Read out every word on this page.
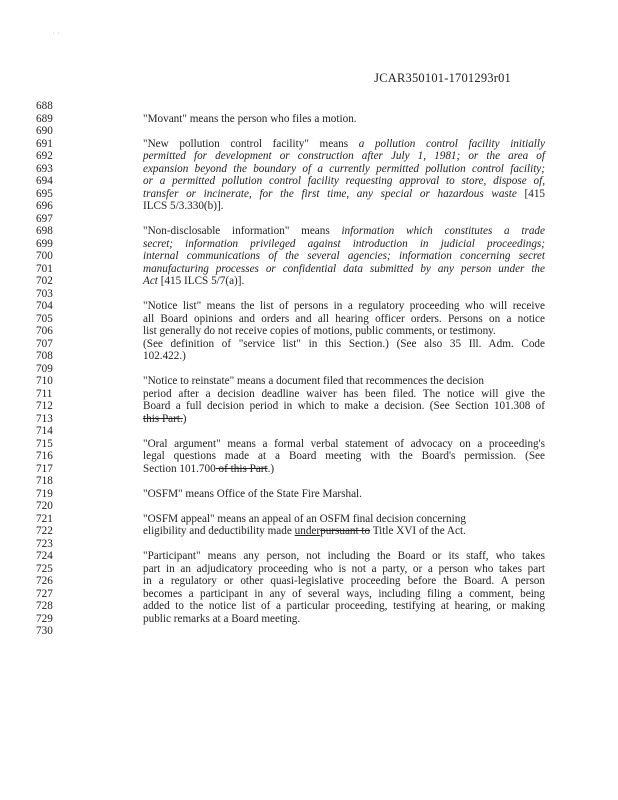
· ·
JCAR350101-1701293r01
688
689
690
691
692
693
694
695
696
697
698
699
700
701
702
703
704
705
706
707
708
709
710
711
712
713
714
715
716
717
718
719
720
721
722
723
724
725
726
727
728
729
730
"Movant" means the person who files a motion.
"New pollution control facility" means a pollution control facility initially
permitted for development or construction after July 1, 1981; or the area of
expansion beyond the boundary of a currently permitted pollution control facility;
or a permitted pollution control facility requesting approval to store, dispose of,
transfer or incinerate, for the first time, any special or hazardous waste [415
ILCS 5/3.330(b)].
"Non-disclosable information" means information which constitutes a trade
secret; information privileged against introduction in judicial proceedings;
internal communications of the several agencies; information concerning secret
manufacturing processes or confidential data submitted by any person under the
Act [415 ILCS 5/7(a)].
"Notice list" means the list of persons in a regulatory proceeding who will receive
all Board opinions and orders and all hearing officer orders. Persons on a notice
list generally do not receive copies of motions, public comments, or testimony.
(See definition of "service list" in this Section.) (See also 35 Ill. Adm. Code
102.422.)
"Notice to reinstate" means a document filed that recommences the decision
period after a decision deadline waiver has been filed. The notice will give the
Board a full decision period in which to make a decision. (See Section 101.308 of
this Part.)
"Oral argument" means a formal verbal statement of advocacy on a proceeding's
legal questions made at a Board meeting with the Board's permission. (See
Section 101.700 of this Part.)
"OSFM" means Office of the State Fire Marshal.
"OSFM appeal" means an appeal of an OSFM final decision concerning
eligibility and deductibility made underpursuant to Title XVI of the Act.
"Participant" means any person, not including the Board or its staff, who takes
part in an adjudicatory proceeding who is not a party, or a person who takes part
in a regulatory or other quasi-legislative proceeding before the Board. A person
becomes a participant in any of several ways, including filing a comment, being
added to the notice list of a particular proceeding, testifying at hearing, or making
public remarks at a Board meeting.
